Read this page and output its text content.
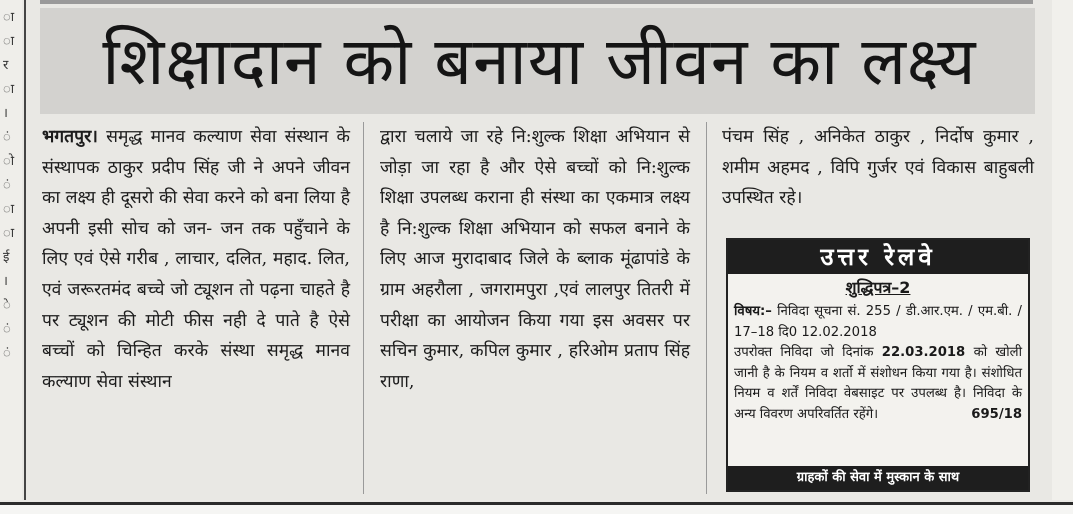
ा
ा
र
ा
।
ं
ो
ं
ा
ा
ई
।
े
ं
ं
शिक्षादान को बनाया जीवन का लक्ष्य

भगतपुर। समृद्ध मानव कल्याण सेवा संस्थान के संस्थापक ठाकुर प्रदीप सिंह जी ने अपने जीवन का लक्ष्य ही दूसरो की सेवा करने को बना लिया है अपनी इसी सोच को जन- जन तक पहुँचाने के लिए एवं ऐसे गरीब , लाचार, दलित, महाद. लित, एवं जरूरतमंद बच्चे जो ट्यूशन तो पढ़ना चाहते है पर ट्यूशन की मोटी फीस नही दे पाते है ऐसे बच्चों को चिन्हित करके संस्था समृद्ध मानव कल्याण सेवा संस्थान

द्वारा चलाये जा रहे नि:शुल्क शिक्षा अभियान से जोड़ा जा रहा है और ऐसे बच्चों को नि:शुल्क शिक्षा उपलब्ध कराना ही संस्था का एकमात्र लक्ष्य है नि:शुल्क शिक्षा अभियान को सफल बनाने के लिए आज मुरादाबाद जिले के ब्लाक मूंढापांडे के ग्राम अहरौला , जगरामपुरा ,एवं लालपुर तितरी में परीक्षा का आयोजन किया गया इस अवसर पर सचिन कुमार, कपिल कुमार , हरिओम प्रताप सिंह राणा,

पंचम सिंह , अनिकेत ठाकुर , निर्दोष कुमार , शमीम अहमद , विपि गुर्जर एवं विकास बाहुबली उपस्थित रहे।

उत्तर रेलवे
शुद्धिपत्र–2
विषय:– निविदा सूचना सं. 255 / डी.आर.एम. / एम.बी. / 17–18 दि0 12.02.2018
उपरोक्त निविदा जो दिनांक 22.03.2018 को खोली जानी है के नियम व शर्तो में संशोधन किया गया है। संशोधित नियम व शर्तें निविदा वेबसाइट पर उपलब्ध है। निविदा के अन्य विवरण अपरिवर्तित रहेंगे।	695/18
ग्राहकों की सेवा में मुस्कान के साथ
